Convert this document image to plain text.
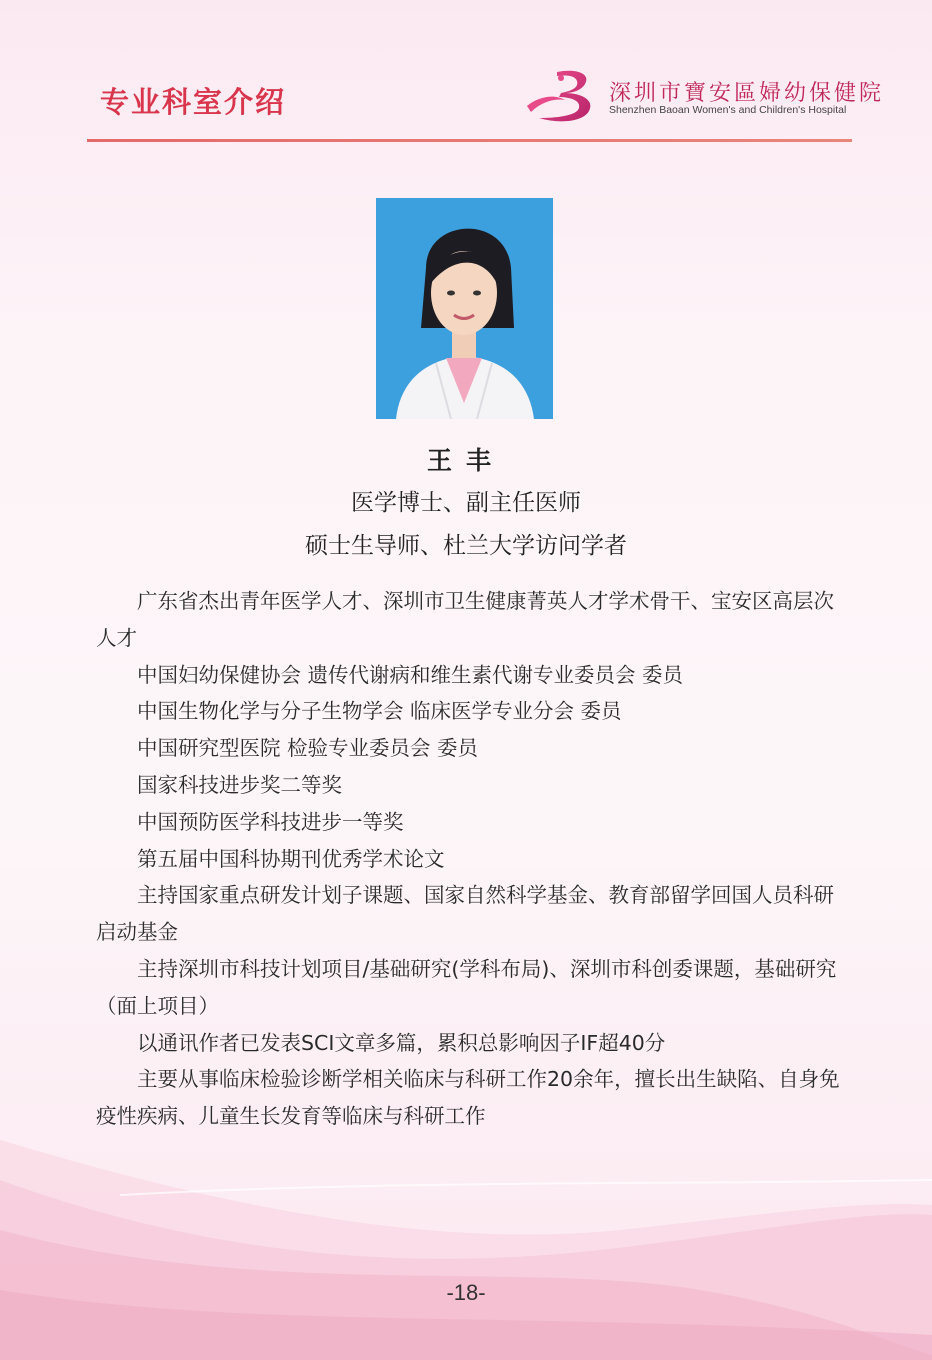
专业科室介绍	深圳市寶安區婦幼保健院
Shenzhen Baoan Women's and Children's Hospital
王丰
医学博士、副主任医师
硕士生导师、杜兰大学访问学者

广东省杰出青年医学人才、深圳市卫生健康菁英人才学术骨干、宝安区高层次人才

中国妇幼保健协会 遗传代谢病和维生素代谢专业委员会 委员

中国生物化学与分子生物学会 临床医学专业分会 委员

中国研究型医院 检验专业委员会 委员

国家科技进步奖二等奖

中国预防医学科技进步一等奖

第五届中国科协期刊优秀学术论文

主持国家重点研发计划子课题、国家自然科学基金、教育部留学回国人员科研启动基金

主持深圳市科技计划项目/基础研究(学科布局)、深圳市科创委课题，基础研究（面上项目）

以通讯作者已发表SCI文章多篇，累积总影响因子IF超40分

主要从事临床检验诊断学相关临床与科研工作20余年，擅长出生缺陷、自身免疫性疾病、儿童生长发育等临床与科研工作

-18-
